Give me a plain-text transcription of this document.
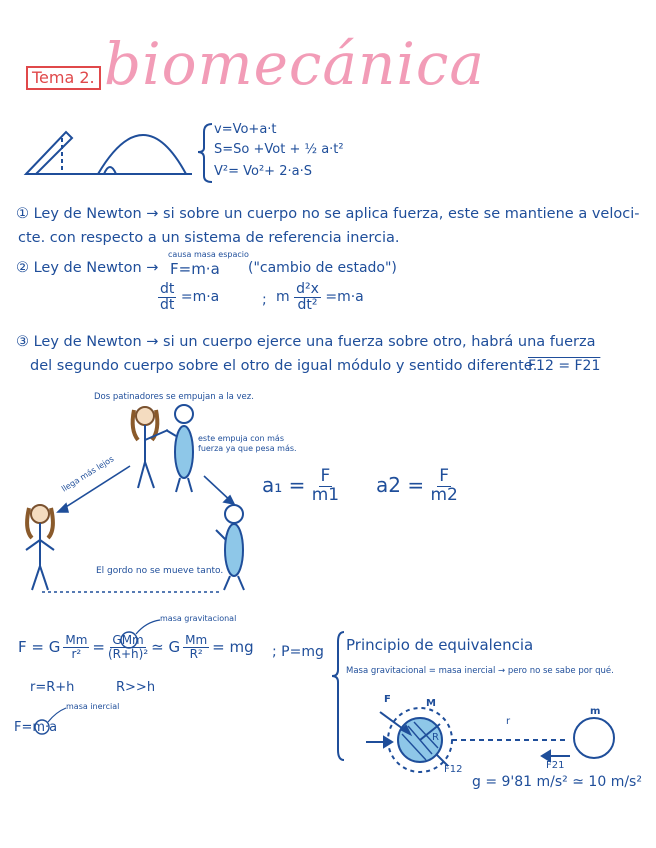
Tema 2. biomecánica
v=Vo+a·t
S=So +Vot + ½ a·t²
V²= Vo²+ 2·a·S
① Ley de Newton → si sobre un cuerpo no se aplica fuerza, este se mantiene a veloci-
cte. con respecto a un sistema de referencia inercia.
② Ley de Newton →
causa masa espacio
F=m·a ("cambio de estado")
$\frac{dt}{dt} =m\cdot a$	; m $\frac{\text{d²x}}{\text{dt²}} =m\cdot a$
③ Ley de Newton → si un cuerpo ejerce una fuerza sobre otro, habrá una fuerza
del segundo cuerpo sobre el otro de igual módulo y sentido diferente.
F12 = F21
Dos patinadores se empujan a la vez.
este empuja con más fuerza ya que pesa más.
llega más lejos
El gordo no se mueve tanto.
$a_1 = \frac{F}{m1} a2 = \frac{F}{m2}$
masa gravitacional
F = G $\frac{Mm}{\text{r²}} = \frac{\text{GMm}}{\text{(R+h)²}}$ ≃ G $\frac{Mm}{\text{R²}}$ = mg ; P=mg
r=R+h	R>>h
masa inercial
F=m·a
Principio de equivalencia
Masa gravitacional = masa inercial → pero no se sabe por qué.
F	M
R
r
m
F12	F21
g = 9'81 m/s² ≃ 10 m/s²
